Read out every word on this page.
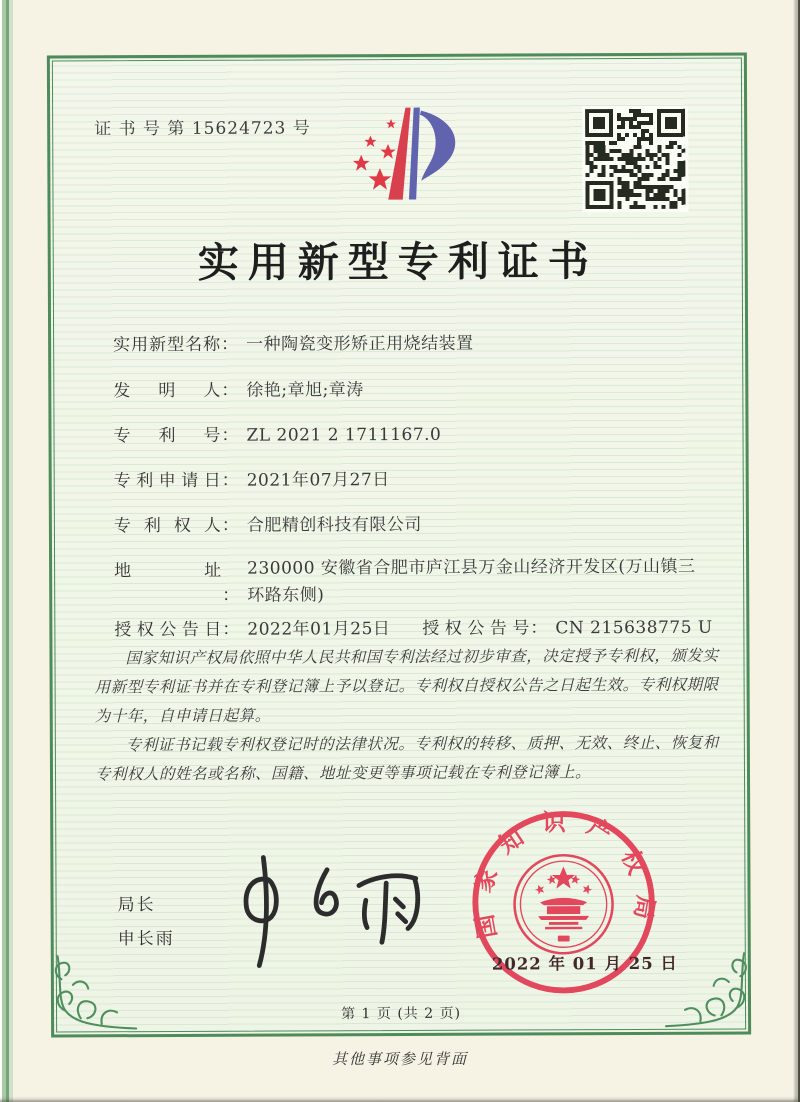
证 书 号 第 15624723 号
实用新型专利证书
实用新型名称： 一种陶瓷变形矫正用烧结装置
发明人： 徐艳;章旭;章涛
专利号： ZL 2021 2 1711167.0
专利申请日： 2021年07月27日
专利权人： 合肥精创科技有限公司
地址：230000 安徽省合肥市庐江县万金山经济开发区(万山镇三环路东侧)
授权公告日： 2022年01月25日 授权公告号： CN 215638775 U

国家知识产权局依照中华人民共和国专利法经过初步审查，决定授予专利权，颁发实用新型专利证书并在专利登记簿上予以登记。专利权自授权公告之日起生效。专利权期限为十年，自申请日起算。

专利证书记载专利权登记时的法律状况。专利权的转移、质押、无效、终止、恢复和专利权人的姓名或名称、国籍、地址变更等事项记载在专利登记簿上。

局长
申长雨	国家知识产权局
2022 年 01 月 25 日
第 1 页 (共 2 页)
其他事项参见背面
